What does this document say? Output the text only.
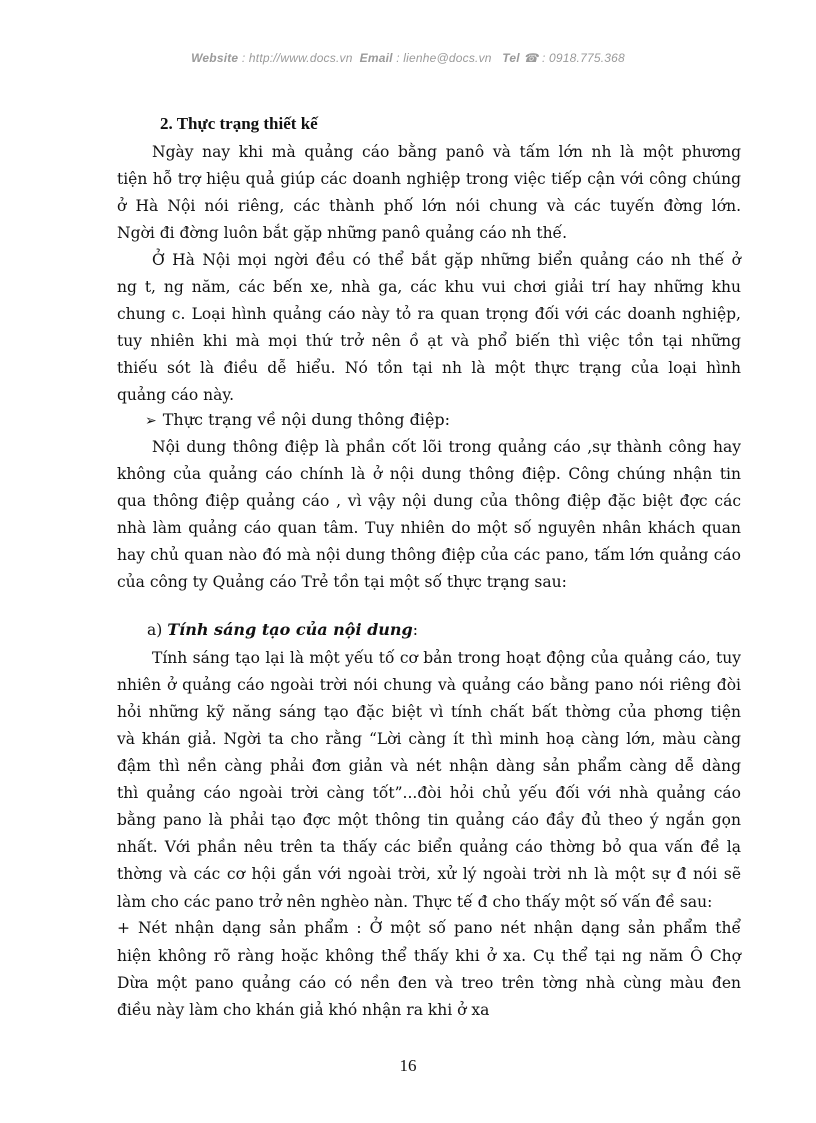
Website : http://www.docs.vn Email : lienhe@docs.vn Tel ☎ : 0918.775.368
2. Thực trạng thiết kế
Ngày nay khi mà quảng cáo bằng panô và tấm lớn nh là một phương
tiện hỗ trợ hiệu quả giúp các doanh nghiệp trong việc tiếp cận với công chúng
ở Hà Nội nói riêng, các thành phố lớn nói chung và các tuyến đờng lớn.
Ngời đi đờng luôn bắt gặp những panô quảng cáo nh thế.
Ở Hà Nội mọi ngời đều có thể bắt gặp những biển quảng cáo nh thế ở
ng t, ng năm, các bến xe, nhà ga, các khu vui chơi giải trí hay những khu
chung c. Loại hình quảng cáo này tỏ ra quan trọng đối với các doanh nghiệp,
tuy nhiên khi mà mọi thứ trở nên ồ ạt và phổ biến thì việc tồn tại những
thiếu sót là điều dễ hiểu. Nó tồn tại nh là một thực trạng của loại hình
quảng cáo này.
➢ Thực trạng về nội dung thông điệp:
Nội dung thông điệp là phần cốt lõi trong quảng cáo ,sự thành công hay
không của quảng cáo chính là ở nội dung thông điệp. Công chúng nhận tin
qua thông điệp quảng cáo , vì vậy nội dung của thông điệp đặc biệt đợc các
nhà làm quảng cáo quan tâm. Tuy nhiên do một số nguyên nhân khách quan
hay chủ quan nào đó mà nội dung thông điệp của các pano, tấm lớn quảng cáo
của công ty Quảng cáo Trẻ tồn tại một số thực trạng sau:
a) Tính sáng tạo của nội dung:
Tính sáng tạo lại là một yếu tố cơ bản trong hoạt động của quảng cáo, tuy
nhiên ở quảng cáo ngoài trời nói chung và quảng cáo bằng pano nói riêng đòi
hỏi những kỹ năng sáng tạo đặc biệt vì tính chất bất thờng của phơng tiện
và khán giả. Ngời ta cho rằng “Lời càng ít thì minh hoạ càng lớn, màu càng
đậm thì nền càng phải đơn giản và nét nhận dàng sản phẩm càng dễ dàng
thì quảng cáo ngoài trời càng tốt”...đòi hỏi chủ yếu đối với nhà quảng cáo
bằng pano là phải tạo đợc một thông tin quảng cáo đầy đủ theo ý ngắn gọn
nhất. Với phần nêu trên ta thấy các biển quảng cáo thờng bỏ qua vấn đề lạ
thờng và các cơ hội gắn với ngoài trời, xử lý ngoài trời nh là một sự đ nói sẽ
làm cho các pano trở nên nghèo nàn. Thực tế đ cho thấy một số vấn đề sau:
+ Nét nhận dạng sản phẩm : Ở một số pano nét nhận dạng sản phẩm thể
hiện không rõ ràng hoặc không thể thấy khi ở xa. Cụ thể tại ng năm Ô Chợ
Dừa một pano quảng cáo có nền đen và treo trên tờng nhà cùng màu đen
điều này làm cho khán giả khó nhận ra khi ở xa
16
